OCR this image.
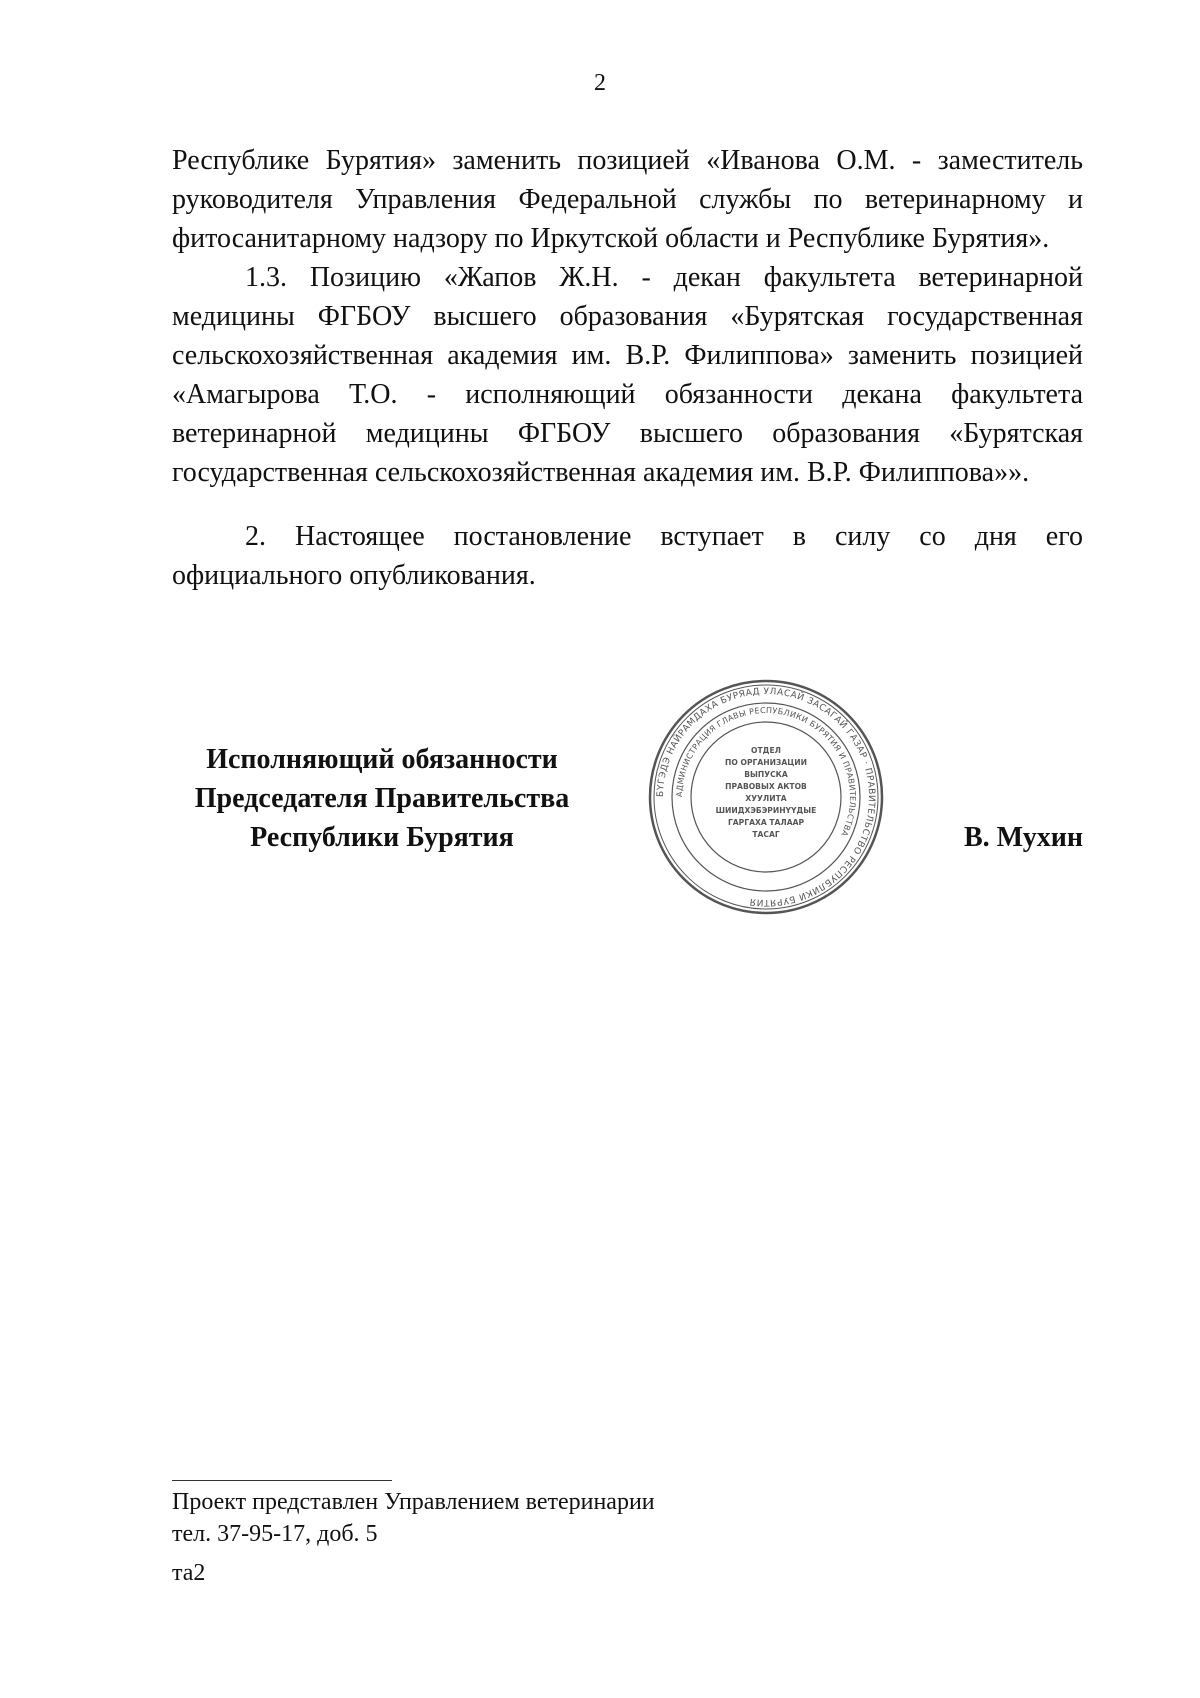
2

Республике Бурятия» заменить позицией «Иванова О.М. - заместитель руководителя Управления Федеральной службы по ветеринарному и фитосанитарному надзору по Иркутской области и Республике Бурятия».

1.3. Позицию «Жапов Ж.Н. - декан факультета ветеринарной медицины ФГБОУ высшего образования «Бурятская государственная сельскохозяйственная академия им. В.Р. Филиппова» заменить позицией «Амагырова Т.О. - исполняющий обязанности декана факультета ветеринарной медицины ФГБОУ высшего образования «Бурятская государственная сельскохозяйственная академия им. В.Р. Филиппова»».

2. Настоящее постановление вступает в силу со дня его официального опубликования.

Исполняющий обязанности
Председателя Правительства
Республики Бурятия
БҮГЭДЭ НАЙРАМДАХА БУРЯАД УЛАСАЙ ЗАСАГАЙ ГАЗАР · ПРАВИТЕЛЬСТВО РЕСПУБЛИКИ БУРЯТИЯ
АДМИНИСТРАЦИЯ ГЛАВЫ РЕСПУБЛИКИ БУРЯТИЯ И ПРАВИТЕЛЬСТВА
ОТДЕЛ
ПО ОРГАНИЗАЦИИ
ВЫПУСКА
ПРАВОВЫХ АКТОВ
ХУУЛИТА
ШИИДХЭБЭРИНҮҮДЫЕ
ГАРГАХА ТАЛААР
ТАСАГ	В. Мухин
Проект представлен Управлением ветеринарии
тел. 37-95-17, доб. 5
та2
